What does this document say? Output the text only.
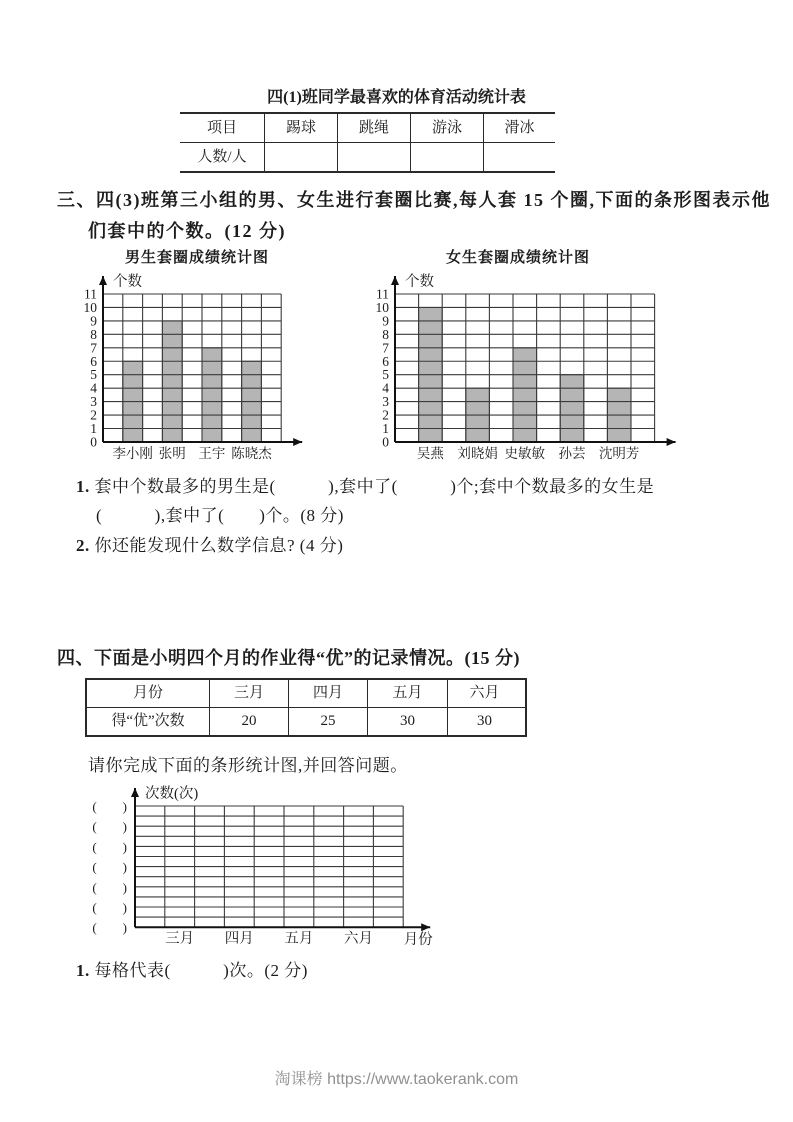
四(1)班同学最喜欢的体育活动统计表
项目	踢球	跳绳	游泳	滑冰
人数/人
三、四(3)班第三小组的男、女生进行套圈比赛,每人套 15 个圈,下面的条形图表示他
们套中的个数。(12 分)
男生套圈成绩统计图	女生套圈成绩统计图
0
1
2
3
4
5
6
7
8
9
10
11
个数
李小刚 张明 王宇 陈晓杰
0
1
2
3
4
5
6
7
8
9
10
11
个数
吴燕 刘晓娟 史敏敏 孙芸 沈明芳
1. 套中个数最多的男生是(　　　),套中了(　　　)个;套中个数最多的女生是
(　　　),套中了(　　)个。(8 分)
2. 你还能发现什么数学信息? (4 分)
四、下面是小明四个月的作业得“优”的记录情况。(15 分)
月份	三月	四月	五月	六月
得“优”次数	20	25	30	30
请你完成下面的条形统计图,并回答问题。
(　　)
(　　)
(　　)
(　　)
(　　)
(　　)
(　　)
次数(次)
月份
三月 四月 五月 六月
1. 每格代表(　　　)次。(2 分)
淘课榜 https://www.taokerank.com
